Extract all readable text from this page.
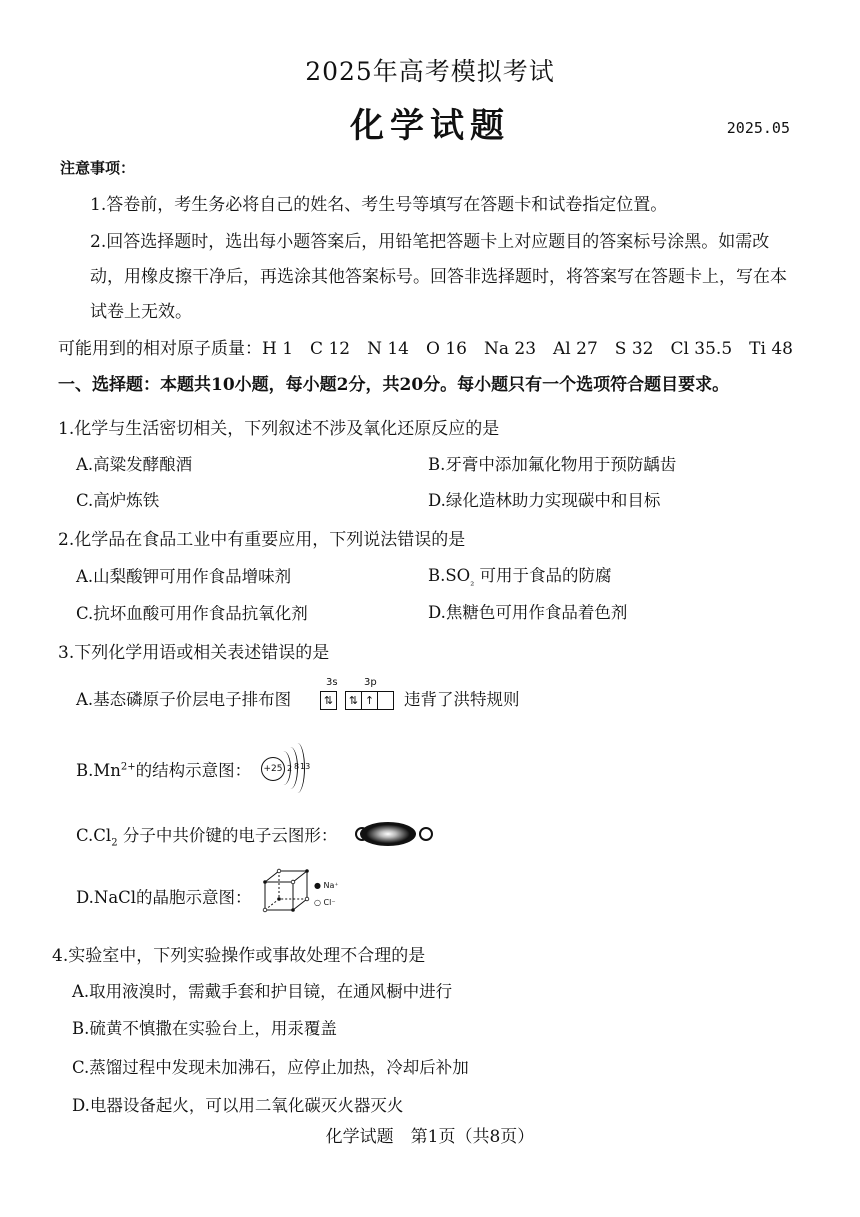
2025年高考模拟考试
化学试题	2025.05
注意事项：
1.答卷前，考生务必将自己的姓名、考生号等填写在答题卡和试卷指定位置。
2.回答选择题时，选出每小题答案后，用铅笔把答题卡上对应题目的答案标号涂黑。如需改动，用橡皮擦干净后，再选涂其他答案标号。回答非选择题时，将答案写在答题卡上，写在本试卷上无效。
可能用到的相对原子质量：H 1　C 12　N 14　O 16　Na 23　Al 27　S 32　Cl 35.5　Ti 48
一、选择题：本题共10小题，每小题2分，共20分。每小题只有一个选项符合题目要求。
1.化学与生活密切相关，下列叙述不涉及氧化还原反应的是
A.高粱发酵酿酒	B.牙膏中添加氟化物用于预防龋齿
C.高炉炼铁	D.绿化造林助力实现碳中和目标
2.化学品在食品工业中有重要应用，下列说法错误的是
A.山梨酸钾可用作食品增味剂	$B.SO_{_2}$ 可用于食品的防腐
C.抗坏血酸可用作食品抗氧化剂	D.焦糖色可用作食品着色剂
3.下列化学用语或相关表述错误的是
A.基态磷原子价层电子排布图
3s	3p
⇅	⇅ ↑ 违背了洪特规则
$B.Mn^{2+}$的结构示意图： +25 2 8 13
$C.Cl_2$ 分子中共价键的电子云图形：
D.NaCl的晶胞示意图：
● Na⁺
○ Cl⁻
4.实验室中，下列实验操作或事故处理不合理的是
A.取用液溴时，需戴手套和护目镜，在通风橱中进行
B.硫黄不慎撒在实验台上，用汞覆盖
C.蒸馏过程中发现未加沸石，应停止加热，冷却后补加
D.电器设备起火，可以用二氧化碳灭火器灭火
化学试题　第1页（共8页）
